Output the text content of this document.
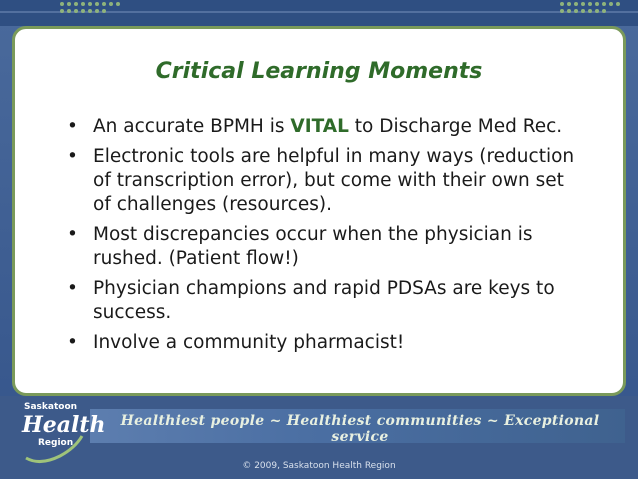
Critical Learning Moments
• An accurate BPMH is VITAL to Discharge Med Rec.
• Electronic tools are helpful in many ways (reduction of transcription error), but come with their own set of challenges (resources).
• Most discrepancies occur when the physician is rushed. (Patient flow!)
• Physician champions and rapid PDSAs are keys to success.
• Involve a community pharmacist!
Healthiest people ~ Healthiest communities ~ Exceptional service
Saskatoon
Health
Region
© 2009, Saskatoon Health Region
